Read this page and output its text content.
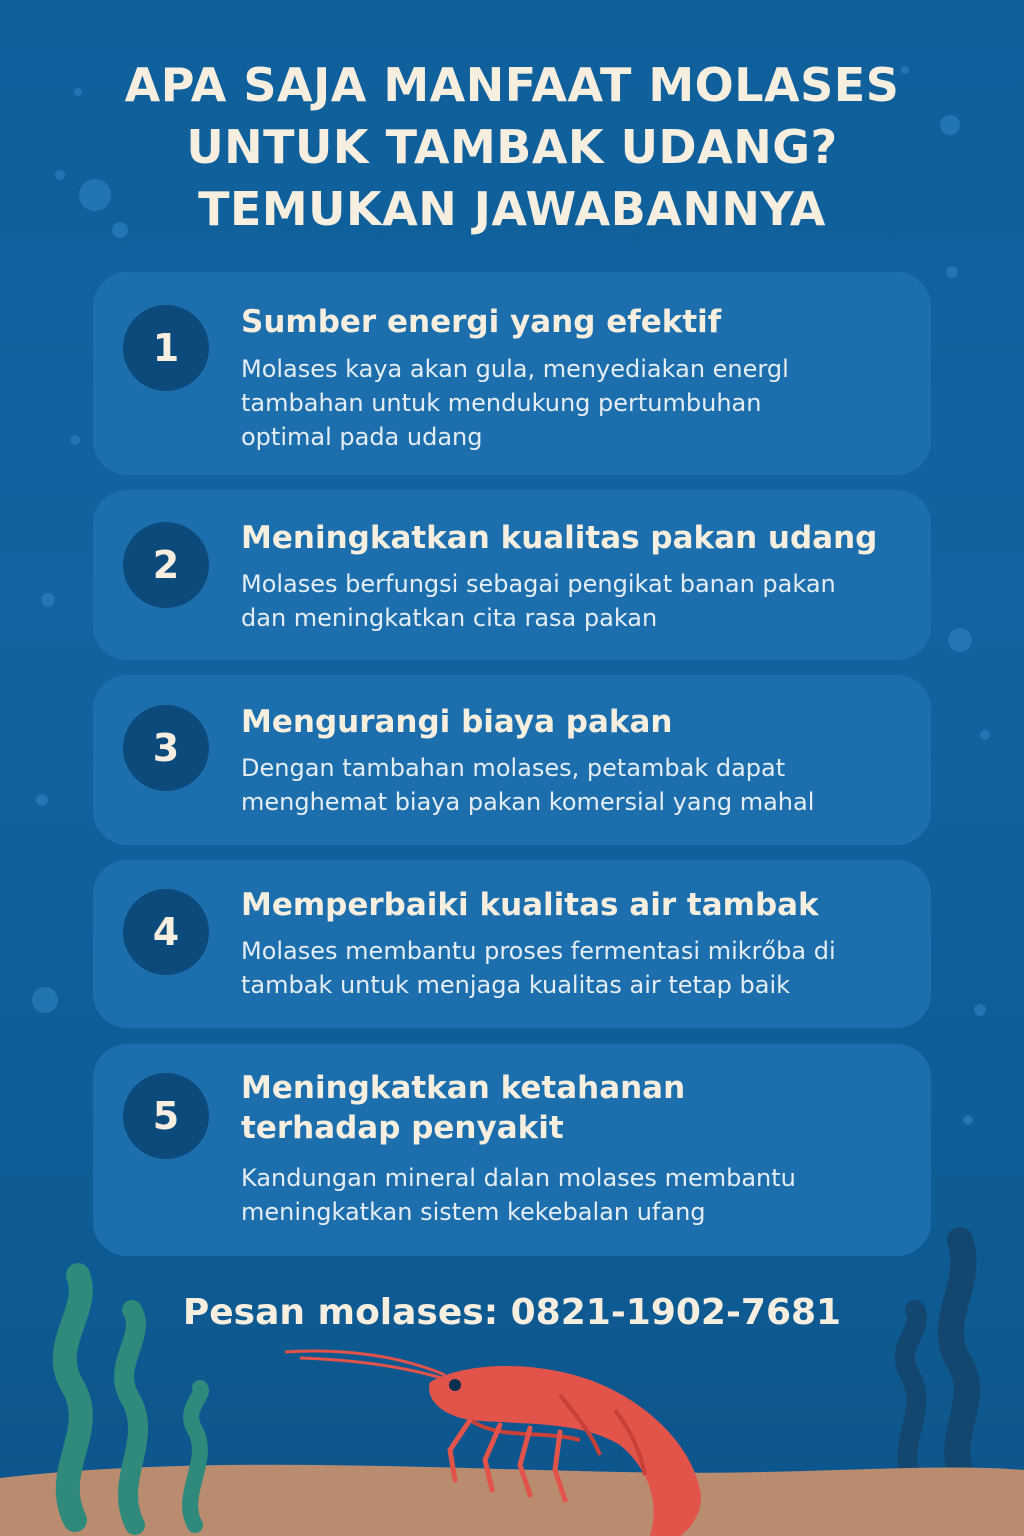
APA SAJA MANFAAT MOLASES
UNTUK TAMBAK UDANG?
TEMUKAN JAWABANNYA
1
Sumber energi yang efektif

Molases kaya akan gula, menyediakan energl
tambahan untuk mendukung pertumbuhan
optimal pada udang

2
Meningkatkan kualitas pakan udang

Molases berfungsi sebagai pengikat banan pakan
dan meningkatkan cita rasa pakan

3
Mengurangi biaya pakan

Dengan tambahan molases, petambak dapat
menghemat biaya pakan komersial yang mahal

4
Memperbaiki kualitas air tambak

Molases membantu proses fermentasi mikrőba di
tambak untuk menjaga kualitas air tetap baik

5
Meningkatkan ketahanan
terhadap penyakit

Kandungan mineral dalan molases membantu
meningkatkan sistem kekebalan ufang

Pesan molases: 0821-1902-7681
